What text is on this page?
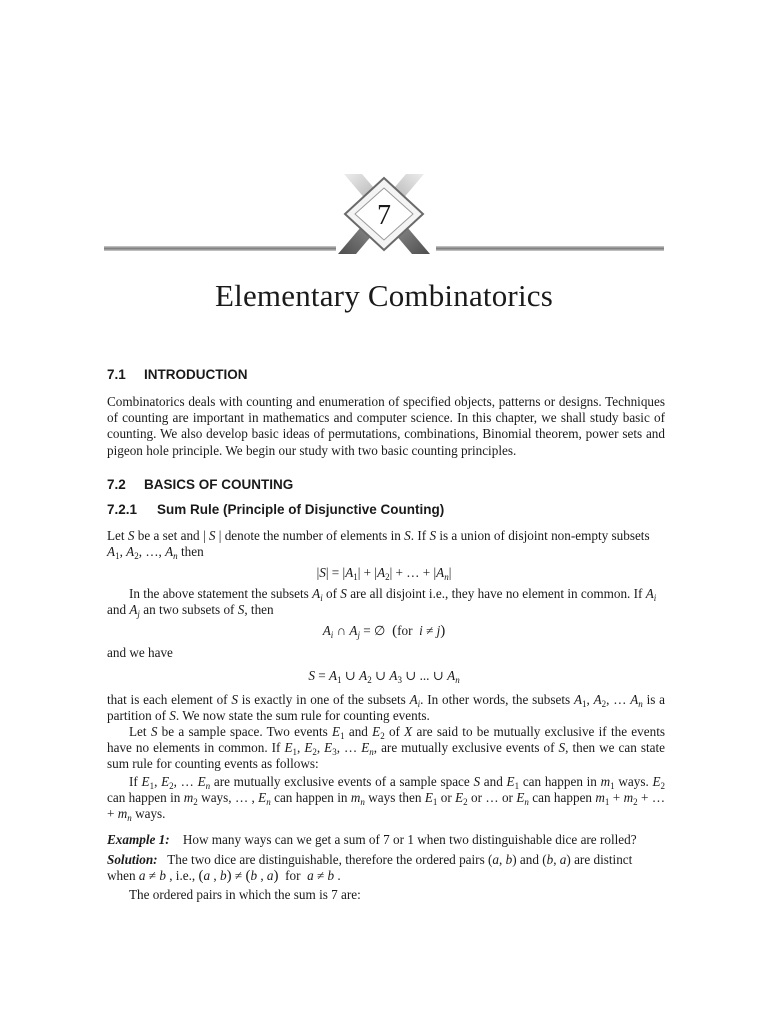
7
Elementary Combinatorics
7.1 INTRODUCTION

Combinatorics deals with counting and enumeration of specified objects, patterns or designs. Techniques of counting are important in mathematics and computer science. In this chapter, we shall study basic of counting. We also develop basic ideas of permutations, combinations, Binomial theorem, power sets and pigeon hole principle. We begin our study with two basic counting principles.

7.2 BASICS OF COUNTING
7.2.1 Sum Rule (Principle of Disjunctive Counting)

Let S be a set and | S | denote the number of elements in S. If S is a union of disjoint non-empty subsets
$A_1$, $A_2$, …, $A_n$ then

$|S| = |A_1| + |A_2|$ + … + $|A_n|$

In the above statement the subsets $A_i$ of S are all disjoint i.e., they have no element in common. If $A_i$
and $A_j$ an two subsets of S, then

$A_i$ ∩ $A_j$ = ∅  (for i ≠ j)

and we have

$S = A_1$ ∪ $A_2$ ∪ $A_3$ ∪ ... ∪ $A_n$

that is each element of S is exactly in one of the subsets $A_i$. In other words, the subsets $A_1$, $A_2$, … $A_n$ is a partition of S. We now state the sum rule for counting events.

Let S be a sample space. Two events $E_1$ and $E_2$ of X are said to be mutually exclusive if the events have no elements in common. If $E_1$, $E_2$, $E_3$, … $E_n$, are mutually exclusive events of S, then we can state sum rule for counting events as follows:

If $E_1$, $E_2$, … $E_n$ are mutually exclusive events of a sample space S and $E_1$ can happen in $m_1$ ways. $E_2$ can happen in $m_2$ ways, … , $E_n$ can happen in $m_n$ ways then $E_1$ or $E_2$ or … or $E_n$ can happen $m_1 + m_2$ + … + $m_n$ ways.

Example 1: How many ways can we get a sum of 7 or 1 when two distinguishable dice are rolled?

Solution: The two dice are distinguishable, therefore the ordered pairs (a, b) and (b, a) are distinct
when a ≠ b , i.e., (a , b) ≠ (b , a) for a ≠ b .

The ordered pairs in which the sum is 7 are:
